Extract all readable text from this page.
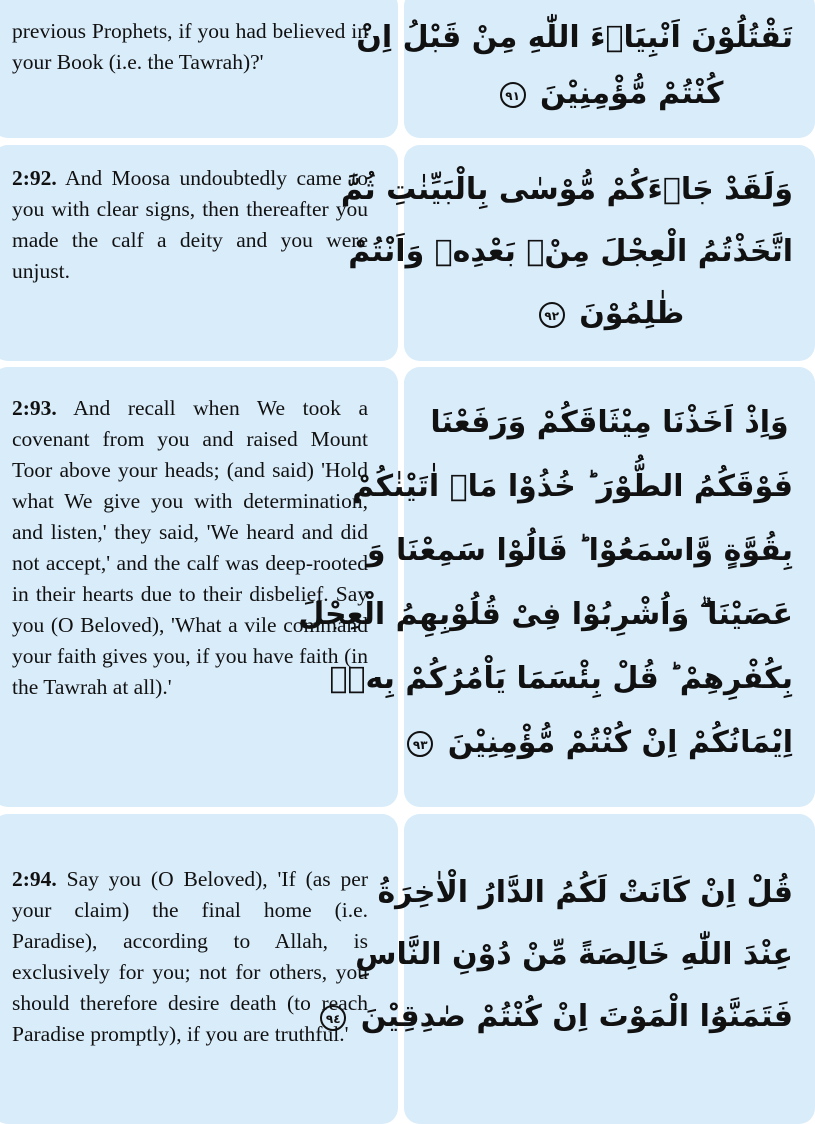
previous Prophets, if you had believed in your Book (i.e. the Tawrah)?'
تَقْتُلُوْنَ اَنْبِيَاۤءَ اللّٰهِ مِنْ قَبْلُ اِنْ
كُنْتُمْ مُّؤْمِنِيْنَ ٩١
2:92. And Moosa undoubtedly came to you with clear signs, then thereafter you made the calf a deity and you were unjust.
وَلَقَدْ جَاۤءَكُمْ مُّوْسٰى بِالْبَيِّنٰتِ ثُمَّ
اتَّخَذْتُمُ الْعِجْلَ مِنْۢ بَعْدِهٖ وَاَنْتُمْ
ظٰلِمُوْنَ ٩٢
2:93. And recall when We took a covenant from you and raised Mount Toor above your heads; (and said) 'Hold what We give you with determination, and listen,' they said, 'We heard and did not accept,' and the calf was deep-rooted in their hearts due to their disbelief. Say you (O Beloved), 'What a vile command your faith gives you, if you have faith (in the Tawrah at all).'
وَاِذْ اَخَذْنَا مِيْثَاقَكُمْ وَرَفَعْنَا
فَوْقَكُمُ الطُّوْرَ ؕ خُذُوْا مَاۤ اٰتَيْنٰكُمْ
بِقُوَّةٍ وَّاسْمَعُوْا ؕ قَالُوْا سَمِعْنَا وَ
عَصَيْنَا ۗ وَاُشْرِبُوْا فِىْ قُلُوْبِهِمُ الْعِجْلَ
بِكُفْرِهِمْ ؕ قُلْ بِئْسَمَا يَاْمُرُكُمْ بِهٖۤ
اِيْمَانُكُمْ اِنْ كُنْتُمْ مُّؤْمِنِيْنَ ٩٣
2:94. Say you (O Beloved), 'If (as per your claim) the final home (i.e. Paradise), according to Allah, is exclusively for you; not for others, you should therefore desire death (to reach Paradise promptly), if you are truthful.'
قُلْ اِنْ كَانَتْ لَكُمُ الدَّارُ الْاٰخِرَةُ
عِنْدَ اللّٰهِ خَالِصَةً مِّنْ دُوْنِ النَّاسِ
فَتَمَنَّوُا الْمَوْتَ اِنْ كُنْتُمْ صٰدِقِيْنَ ٩٤
